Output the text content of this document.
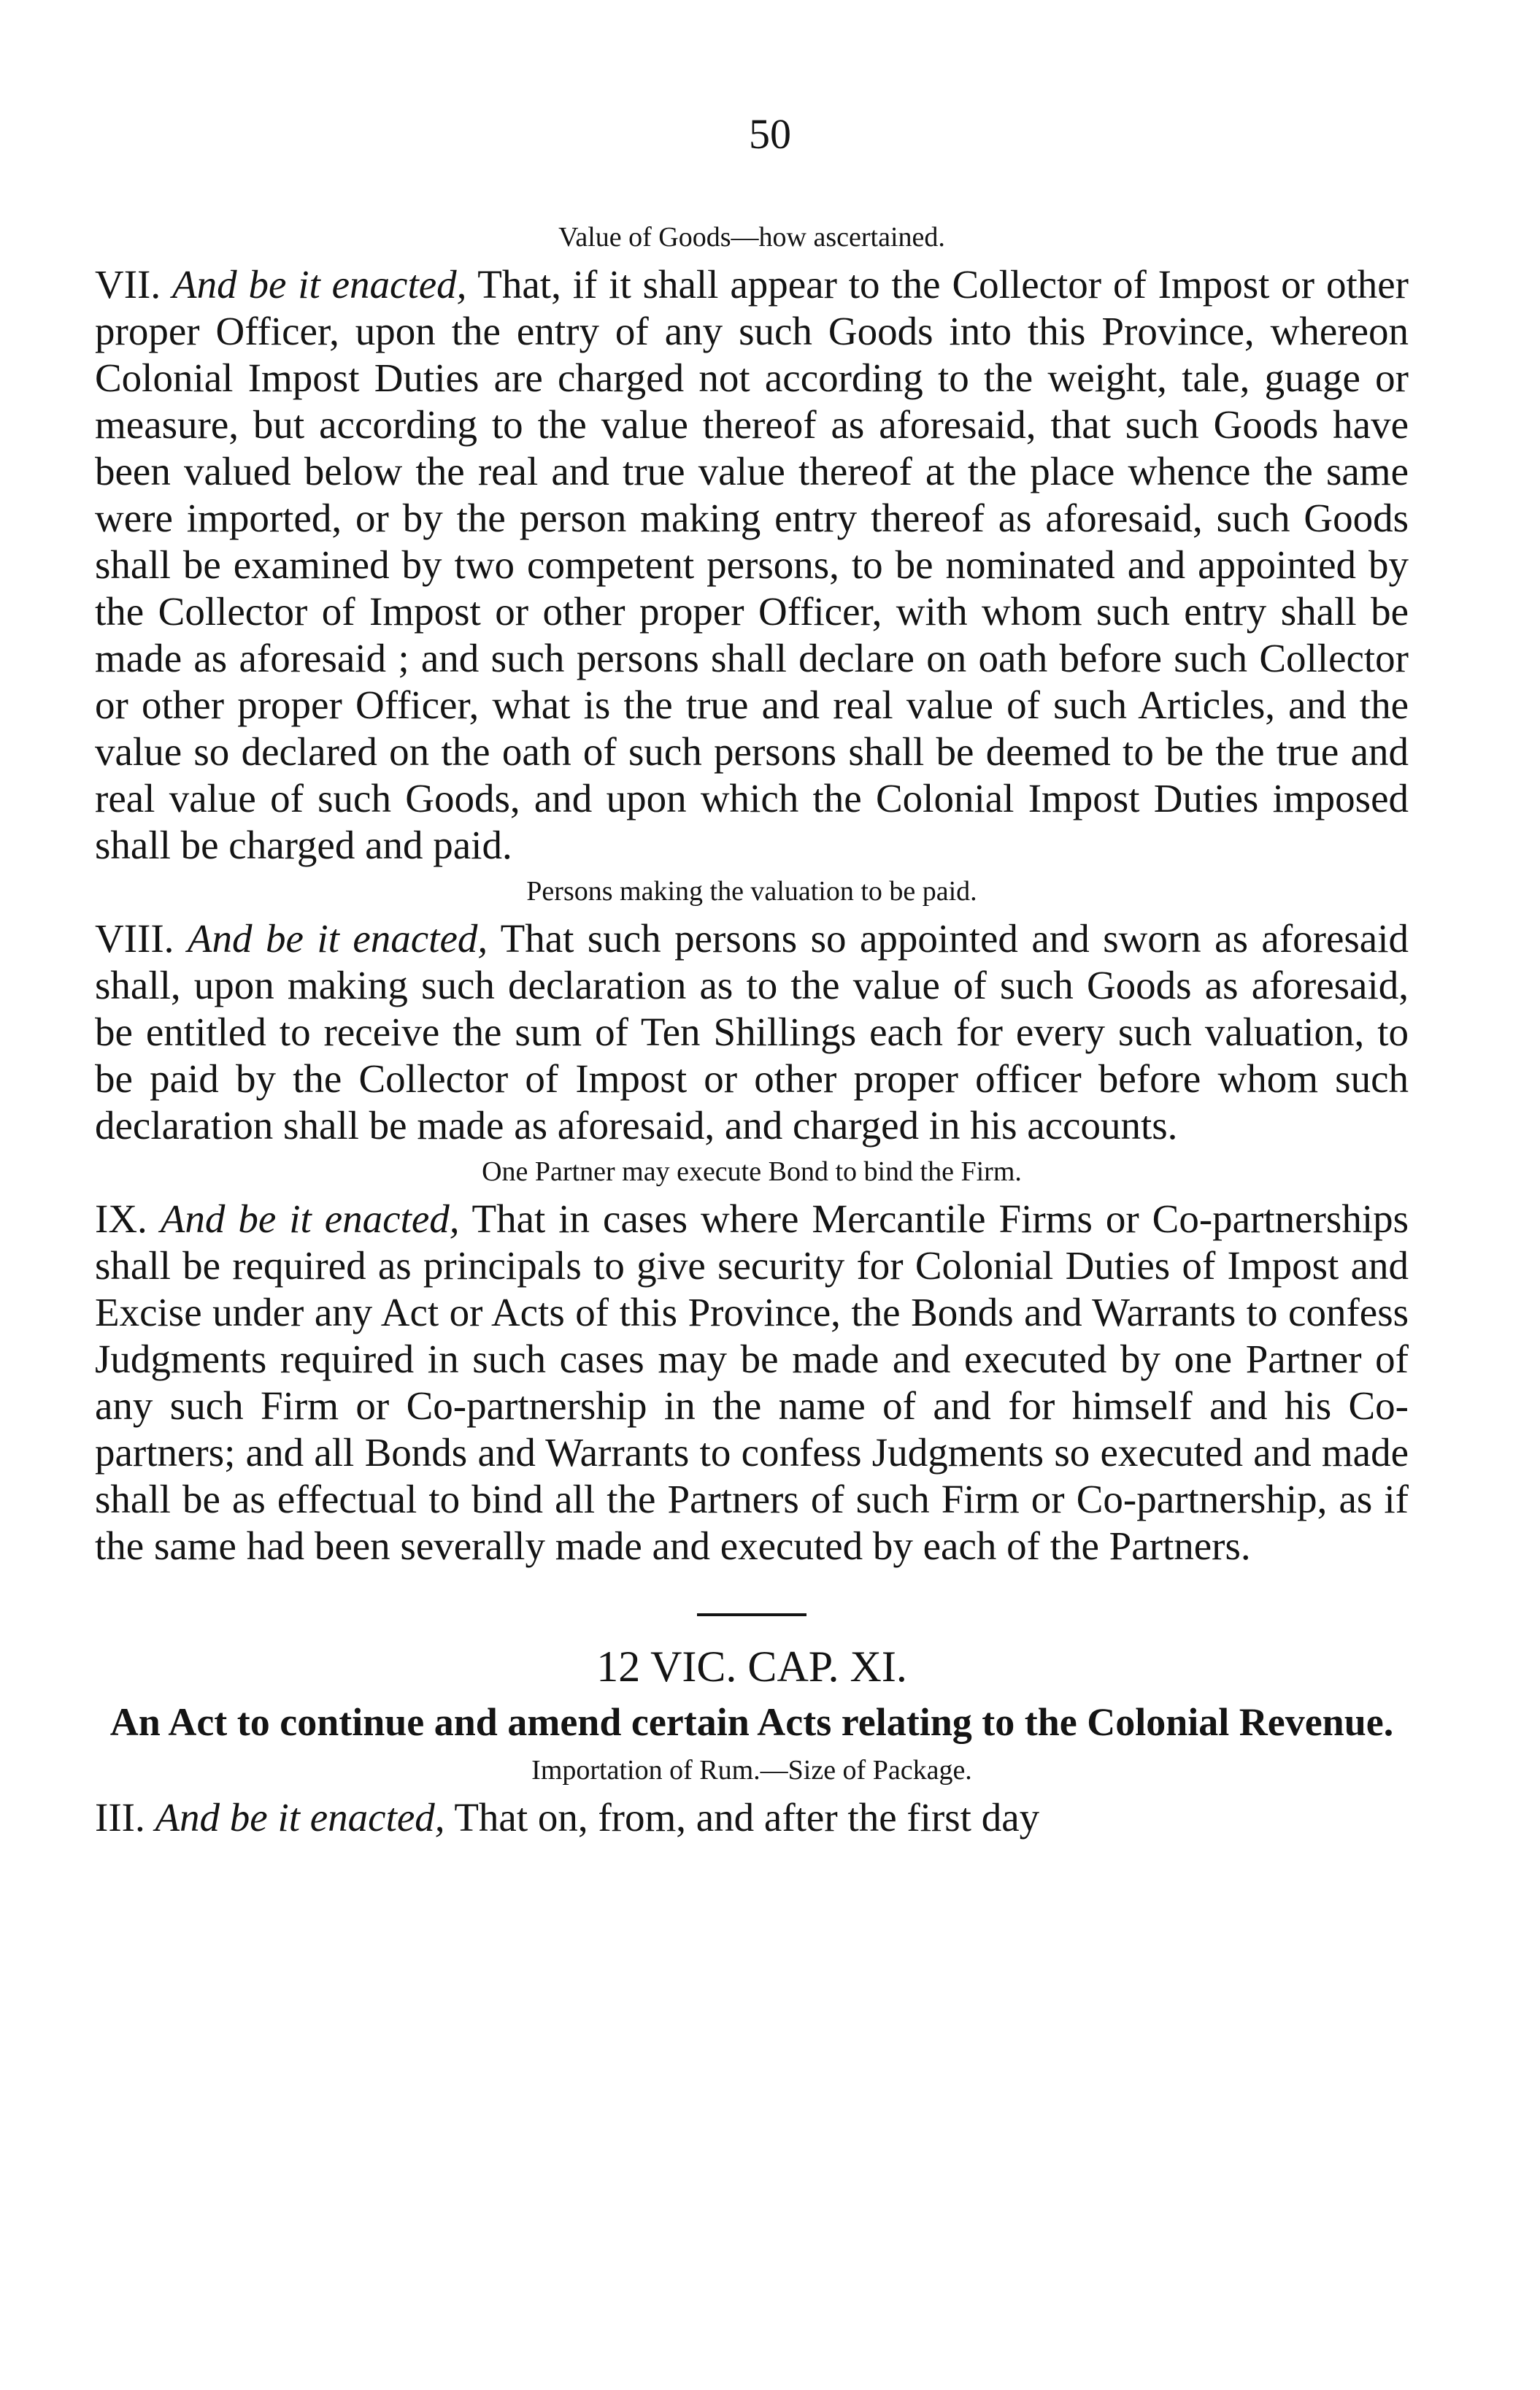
50
Value of Goods—how ascertained.

VII. And be it enacted, That, if it shall appear to the Collector of Impost or other proper Officer, upon the entry of any such Goods into this Province, whereon Colonial Impost Duties are charged not according to the weight, tale, guage or measure, but according to the value thereof as aforesaid, that such Goods have been valued below the real and true value thereof at the place whence the same were imported, or by the person making entry thereof as aforesaid, such Goods shall be examined by two competent persons, to be nominated and appointed by the Collector of Impost or other proper Officer, with whom such entry shall be made as aforesaid ; and such persons shall declare on oath before such Collector or other proper Officer, what is the true and real value of such Articles, and the value so declared on the oath of such persons shall be deemed to be the true and real value of such Goods, and upon which the Colonial Impost Duties imposed shall be charged and paid.

Persons making the valuation to be paid.

VIII. And be it enacted, That such persons so appointed and sworn as aforesaid shall, upon making such declaration as to the value of such Goods as aforesaid, be entitled to receive the sum of Ten Shillings each for every such valuation, to be paid by the Collector of Impost or other proper officer before whom such declaration shall be made as aforesaid, and charged in his accounts.

One Partner may execute Bond to bind the Firm.

IX. And be it enacted, That in cases where Mercantile Firms or Co-partnerships shall be required as principals to give security for Colonial Duties of Impost and Excise under any Act or Acts of this Province, the Bonds and Warrants to confess Judgments required in such cases may be made and executed by one Partner of any such Firm or Co-partnership in the name of and for himself and his Co-partners; and all Bonds and Warrants to confess Judgments so executed and made shall be as effectual to bind all the Partners of such Firm or Co-partnership, as if the same had been severally made and executed by each of the Partners.

12 VIC. CAP. XI.

An Act to continue and amend certain Acts relating to the Colonial Revenue.

Importation of Rum.—Size of Package.

III. And be it enacted, That on, from, and after the first day
